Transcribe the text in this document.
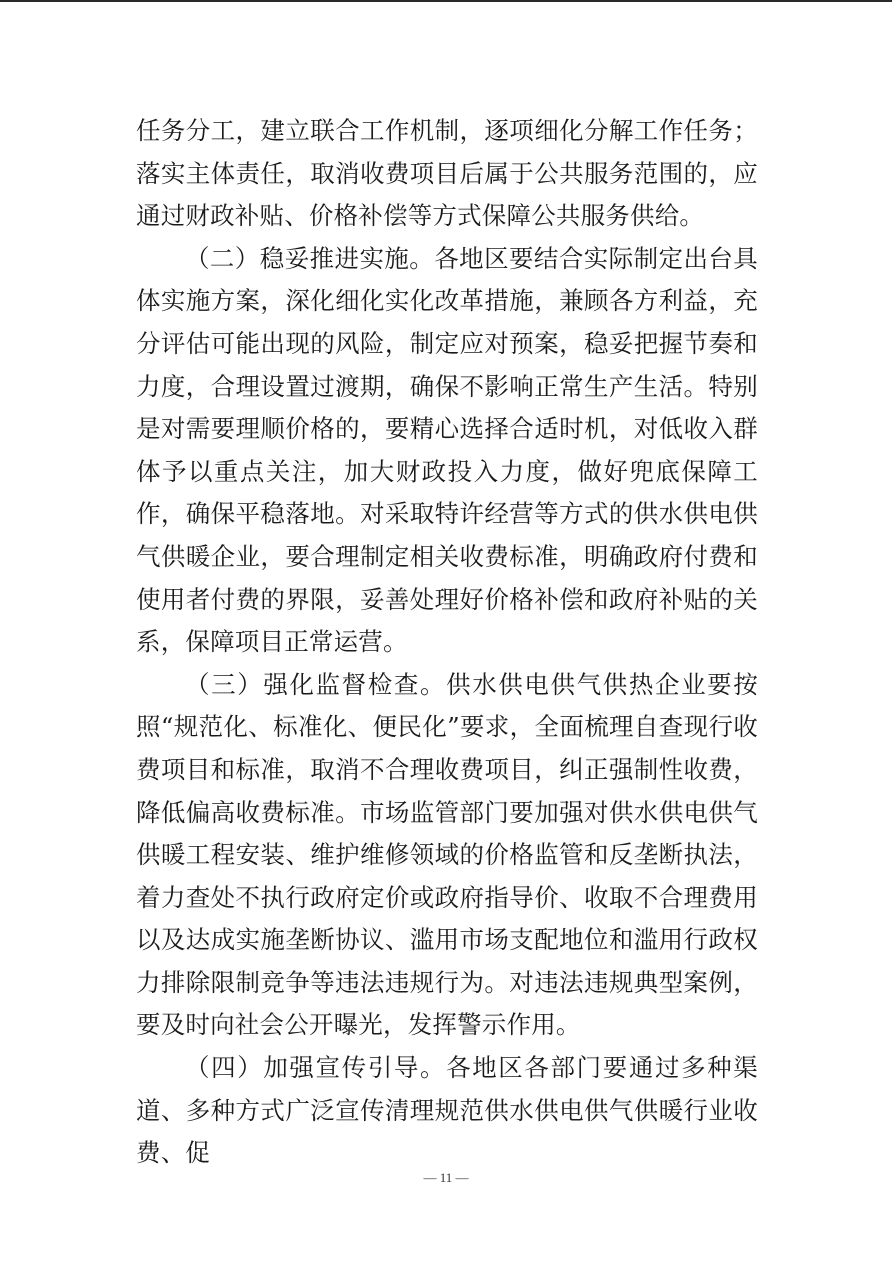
任务分工，建立联合工作机制，逐项细化分解工作任务；落实主体责任，取消收费项目后属于公共服务范围的，应通过财政补贴、价格补偿等方式保障公共服务供给。

（二）稳妥推进实施。各地区要结合实际制定出台具体实施方案，深化细化实化改革措施，兼顾各方利益，充分评估可能出现的风险，制定应对预案，稳妥把握节奏和力度，合理设置过渡期，确保不影响正常生产生活。特别是对需要理顺价格的，要精心选择合适时机，对低收入群体予以重点关注，加大财政投入力度，做好兜底保障工作，确保平稳落地。对采取特许经营等方式的供水供电供气供暖企业，要合理制定相关收费标准，明确政府付费和使用者付费的界限，妥善处理好价格补偿和政府补贴的关系，保障项目正常运营。

（三）强化监督检查。供水供电供气供热企业要按照“规范化、标准化、便民化”要求，全面梳理自查现行收费项目和标准，取消不合理收费项目，纠正强制性收费，降低偏高收费标准。市场监管部门要加强对供水供电供气供暖工程安装、维护维修领域的价格监管和反垄断执法，着力查处不执行政府定价或政府指导价、收取不合理费用以及达成实施垄断协议、滥用市场支配地位和滥用行政权力排除限制竞争等违法违规行为。对违法违规典型案例，要及时向社会公开曝光，发挥警示作用。

（四）加强宣传引导。各地区各部门要通过多种渠道、多种方式广泛宣传清理规范供水供电供气供暖行业收费、促

— 11 —
